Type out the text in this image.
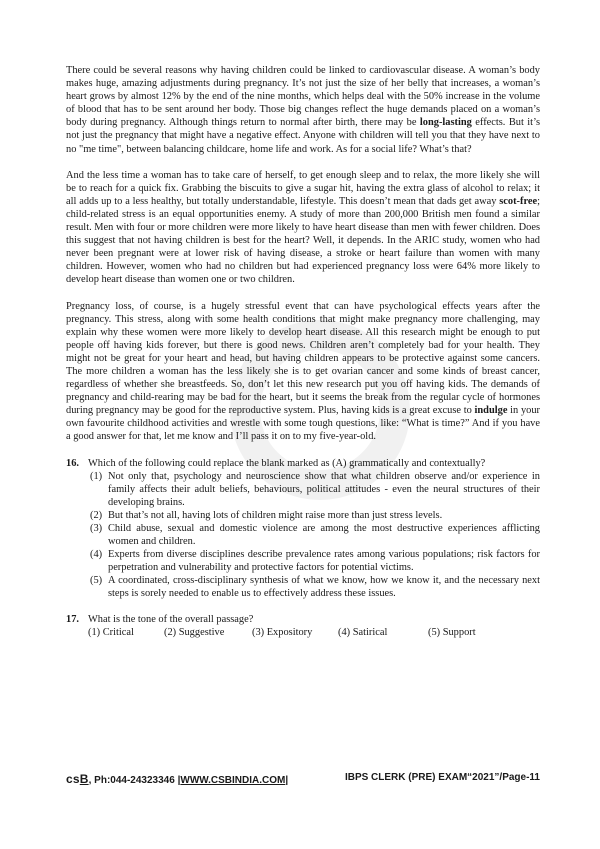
There could be several reasons why having children could be linked to cardiovascular disease. A woman’s body makes huge, amazing adjustments during pregnancy. It’s not just the size of her belly that increases, a woman’s heart grows by almost 12% by the end of the nine months, which helps deal with the 50% increase in the volume of blood that has to be sent around her body. Those big changes reflect the huge demands placed on a woman’s body during pregnancy. Although things return to normal after birth, there may be long-lasting effects. But it’s not just the pregnancy that might have a negative effect. Anyone with children will tell you that they have next to no "me time", between balancing childcare, home life and work. As for a social life? What’s that?

And the less time a woman has to take care of herself, to get enough sleep and to relax, the more likely she will be to reach for a quick fix. Grabbing the biscuits to give a sugar hit, having the extra glass of alcohol to relax; it all adds up to a less healthy, but totally understandable, lifestyle. This doesn’t mean that dads get away scot-free; child-related stress is an equal opportunities enemy. A study of more than 200,000 British men found a similar result. Men with four or more children were more likely to have heart disease than men with fewer children. Does this suggest that not having children is best for the heart? Well, it depends. In the ARIC study, women who had never been pregnant were at lower risk of having disease, a stroke or heart failure than women with many children. However, women who had no children but had experienced pregnancy loss were 64% more likely to develop heart disease than women one or two children.

Pregnancy loss, of course, is a hugely stressful event that can have psychological effects years after the pregnancy. This stress, along with some health conditions that might make pregnancy more challenging, may explain why these women were more likely to develop heart disease. All this research might be enough to put people off having kids forever, but there is good news. Children aren’t completely bad for your health. They might not be great for your heart and head, but having children appears to be protective against some cancers. The more children a woman has the less likely she is to get ovarian cancer and some kinds of breast cancer, regardless of whether she breastfeeds. So, don’t let this new research put you off having kids. The demands of pregnancy and child-rearing may be bad for the heart, but it seems the break from the regular cycle of hormones during pregnancy may be good for the reproductive system. Plus, having kids is a great excuse to indulge in your own favourite childhood activities and wrestle with some tough questions, like: “What is time?” And if you have a good answer for that, let me know and I’ll pass it on to my five-year-old.

16. Which of the following could replace the blank marked as (A) grammatically and contextually?
(1) Not only that, psychology and neuroscience show that what children observe and/or experience in family affects their adult beliefs, behaviours, political attitudes - even the neural structures of their developing brains.
(2) But that’s not all, having lots of children might raise more than just stress levels.
(3) Child abuse, sexual and domestic violence are among the most destructive experiences afflicting women and children.
(4) Experts from diverse disciplines describe prevalence rates among various populations; risk factors for perpetration and vulnerability and protective factors for potential victims.
(5) A coordinated, cross-disciplinary synthesis of what we know, how we know it, and the necessary next steps is sorely needed to enable us to effectively address these issues.
17. What is the tone of the overall passage?
(1) Critical	(2) Suggestive	(3) Expository	(4) Satirical	(5) Support
csB, Ph:044-24323346 |WWW.CSBINDIA.COM|	IBPS CLERK (PRE) EXAM“2021”/Page-11
